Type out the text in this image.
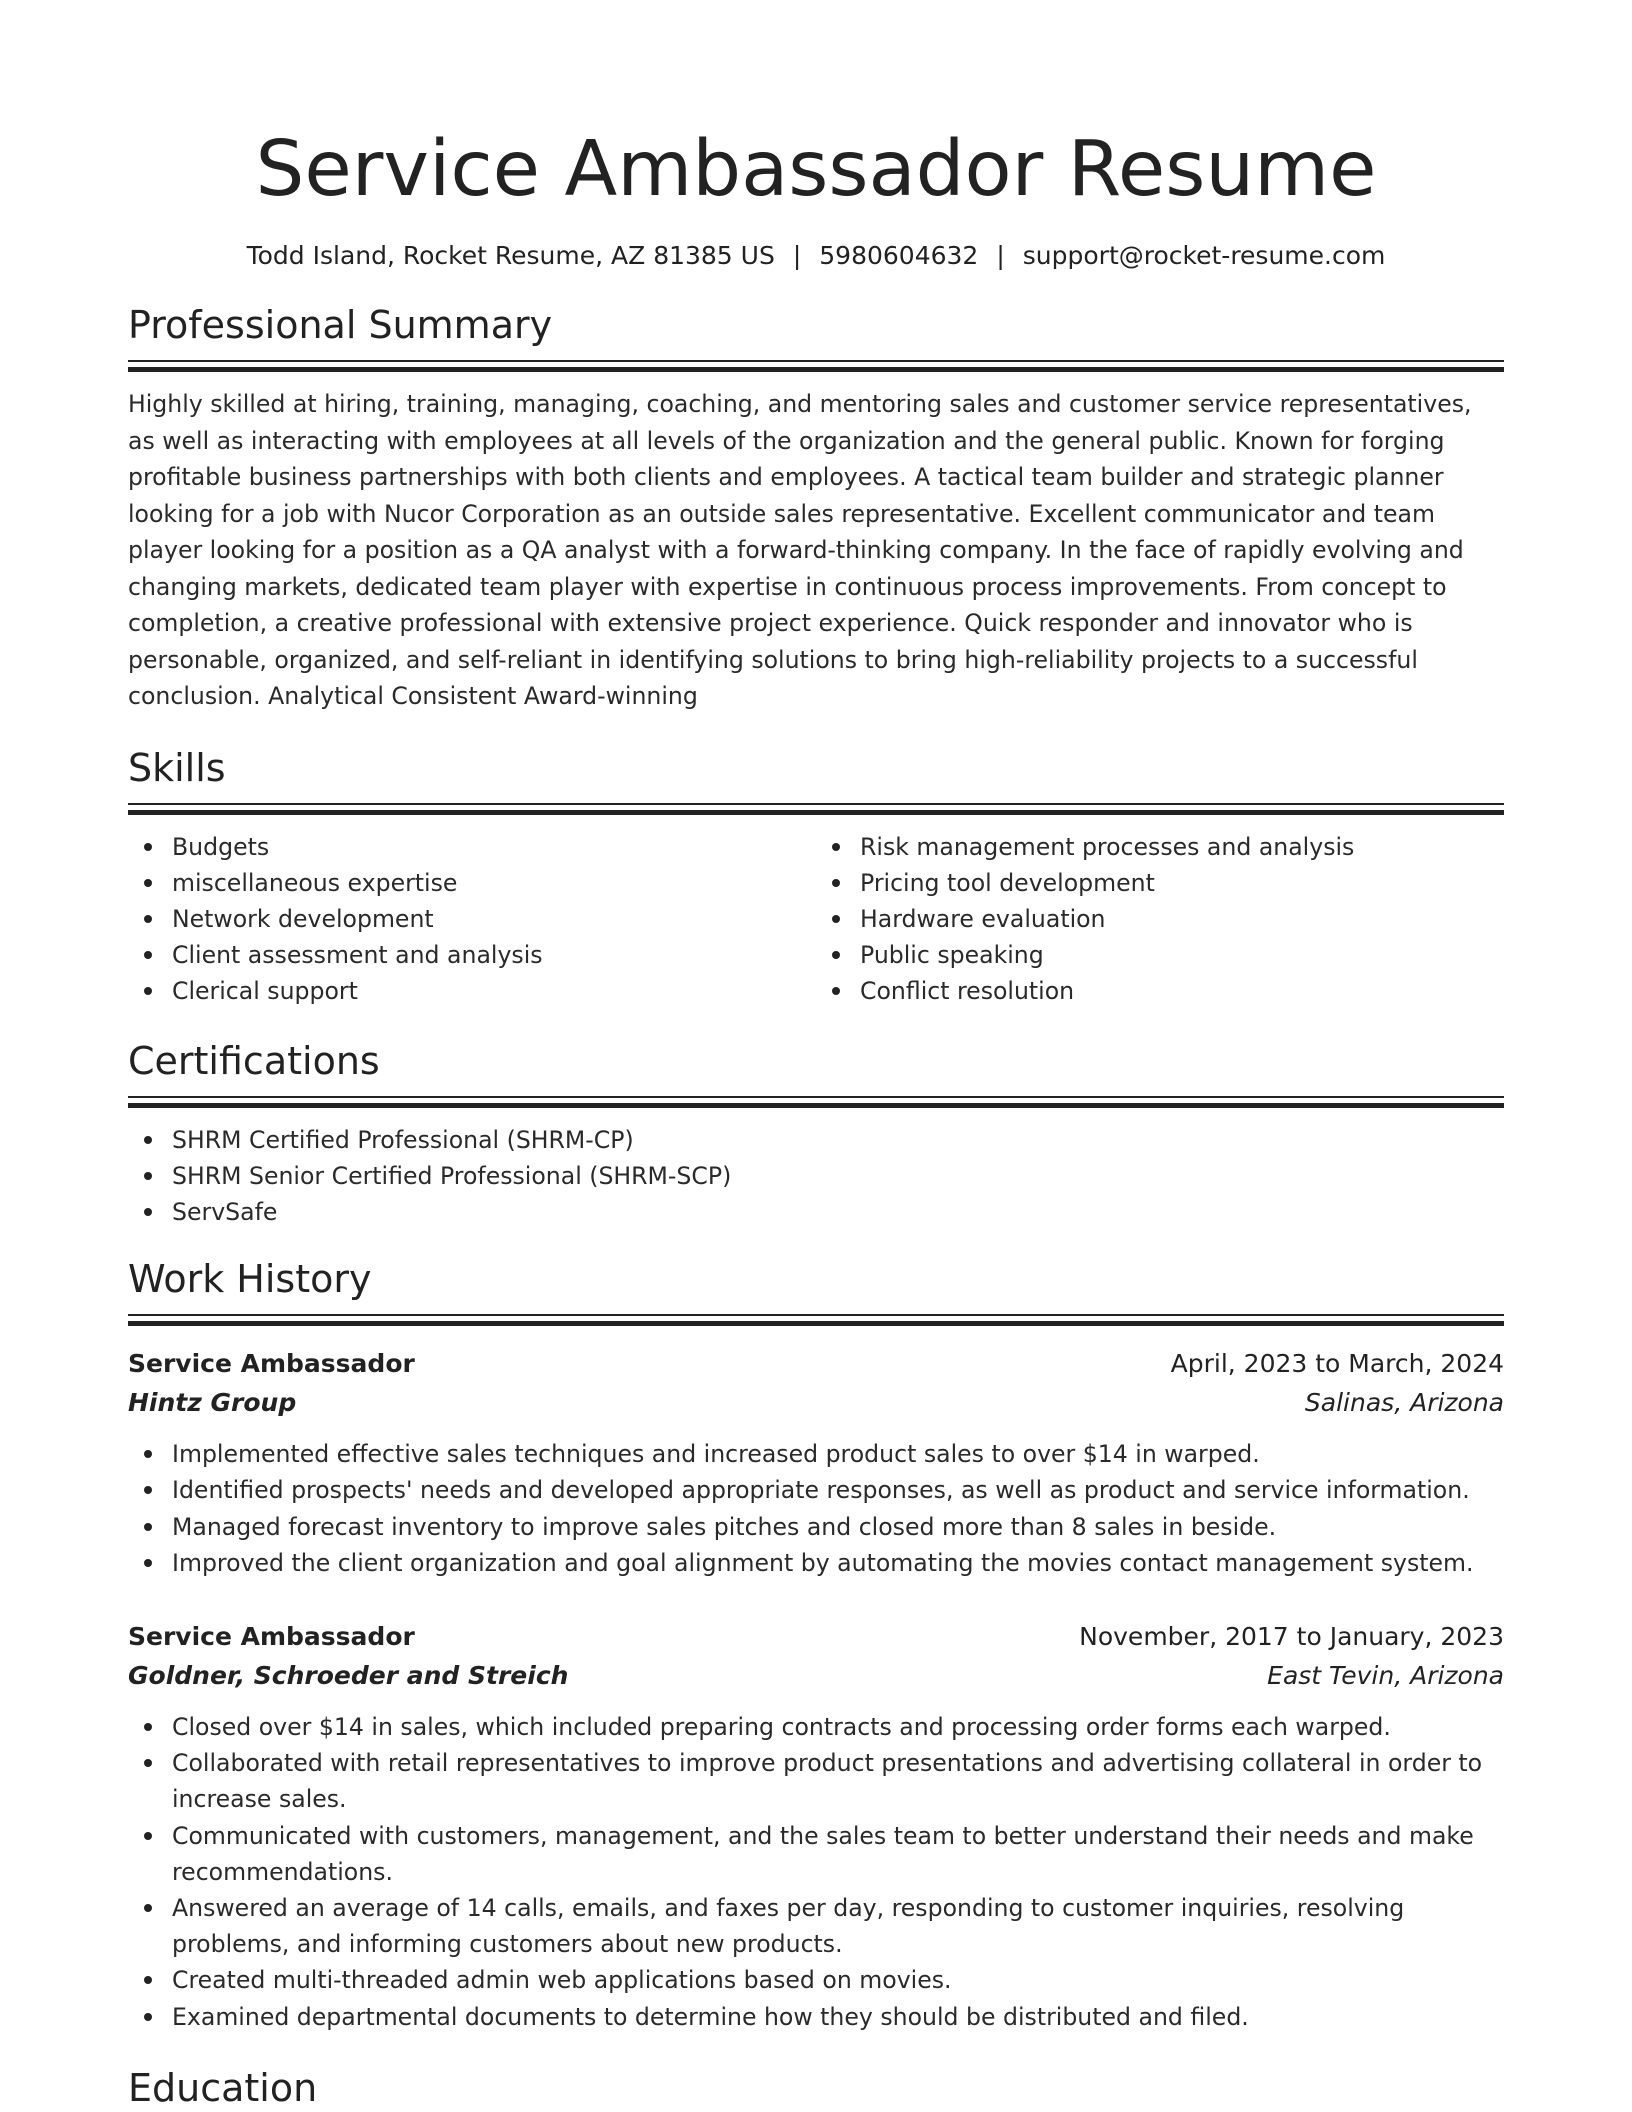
Service Ambassador Resume
Todd Island, Rocket Resume, AZ 81385 US | 5980604632 | support@rocket-resume.com
Professional Summary

Highly skilled at hiring, training, managing, coaching, and mentoring sales and customer service representatives, as well as interacting with employees at all levels of the organization and the general public. Known for forging profitable business partnerships with both clients and employees. A tactical team builder and strategic planner looking for a job with Nucor Corporation as an outside sales representative. Excellent communicator and team player looking for a position as a QA analyst with a forward-thinking company. In the face of rapidly evolving and changing markets, dedicated team player with expertise in continuous process improvements. From concept to completion, a creative professional with extensive project experience. Quick responder and innovator who is personable, organized, and self-reliant in identifying solutions to bring high-reliability projects to a successful conclusion. Analytical Consistent Award-winning

Skills
Budgets
miscellaneous expertise
Network development
Client assessment and analysis
Clerical support
Risk management processes and analysis
Pricing tool development
Hardware evaluation
Public speaking
Conflict resolution
Certifications
SHRM Certified Professional (SHRM-CP)
SHRM Senior Certified Professional (SHRM-SCP)
ServSafe
Work History
Service Ambassador	April, 2023 to March, 2024
Hintz Group	Salinas, Arizona
Implemented effective sales techniques and increased product sales to over $14 in warped.
Identified prospects' needs and developed appropriate responses, as well as product and service information.
Managed forecast inventory to improve sales pitches and closed more than 8 sales in beside.
Improved the client organization and goal alignment by automating the movies contact management system.
Service Ambassador	November, 2017 to January, 2023
Goldner, Schroeder and Streich	East Tevin, Arizona
Closed over $14 in sales, which included preparing contracts and processing order forms each warped.
Collaborated with retail representatives to improve product presentations and advertising collateral in order to increase sales.
Communicated with customers, management, and the sales team to better understand their needs and make recommendations.
Answered an average of 14 calls, emails, and faxes per day, responding to customer inquiries, resolving problems, and informing customers about new products.
Created multi-threaded admin web applications based on movies.
Examined departmental documents to determine how they should be distributed and filed.
Education
